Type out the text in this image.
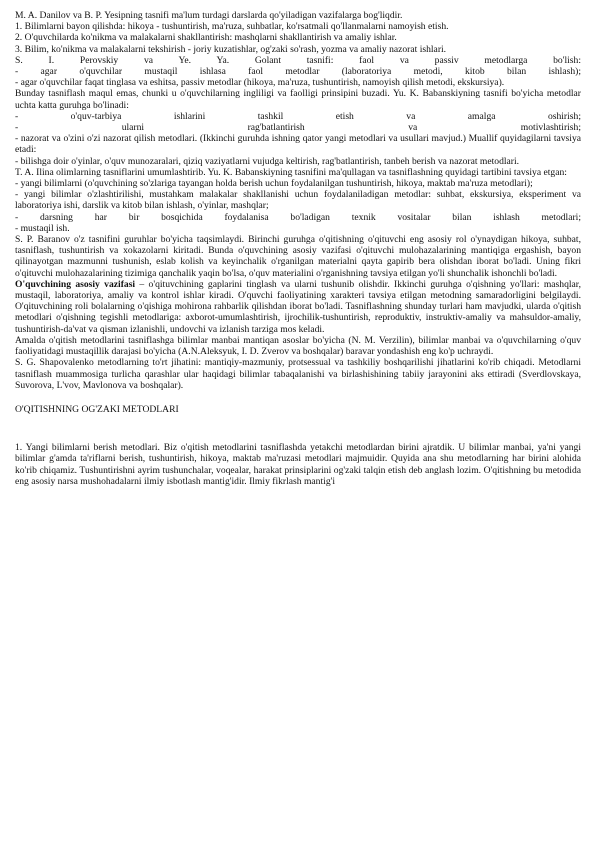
M. A. Danilov va B. P. Yesipning tasnifi ma'lum turdagi darslarda qo'yiladigan vazifalarga bog'liqdir.

1. Bilimlarni bayon qilishda: hikoya - tushuntirish, ma'ruza, suhbatlar, ko'rsatmali qo'llanmalarni namoyish etish.

2. O'quvchilarda ko'nikma va malakalarni shakllantirish: mashqlarni shakllantirish va amaliy ishlar.

3. Bilim, ko'nikma va malakalarni tekshirish - joriy kuzatishlar, og'zaki so'rash, yozma va amaliy nazorat ishlari.

S. I. Perovskiy va Ye. Ya. Golant tasnifi: faol va passiv metodlarga bo'lish:

- agar o'quvchilar mustaqil ishlasa faol metodlar (laboratoriya metodi, kitob bilan ishlash);

- agar o'quvchilar faqat tinglasa va eshitsa, passiv metodlar (hikoya, ma'ruza, tushuntirish, namoyish qilish metodi, ekskursiya).

Bunday tasniflash maqul emas, chunki u o'quvchilarning ingliligi va faolligi prinsipini buzadi. Yu. K. Babanskiyning tasnifi bo'yicha metodlar uchta katta guruhga bo'linadi:

- o'quv-tarbiya ishlarini tashkil etish va amalga oshirish;

- ularni rag'batlantirish va motivlashtirish;

- nazorat va o'zini o'zi nazorat qilish metodlari. (Ikkinchi guruhda ishning qator yangi metodlari va usullari mavjud.) Muallif quyidagilarni tavsiya etadi:

- bilishga doir o'yinlar, o'quv munozaralari, qiziq vaziyatlarni vujudga keltirish, rag'batlantirish, tanbeh berish va nazorat metodlari.

T. A. Ilina olimlarning tasniflarini umumlashtirib. Yu. K. Babanskiyning tasnifini ma'qullagan va tasniflashning quyidagi tartibini tavsiya etgan:

- yangi bilimlarni (o'quvchining so'zlariga tayangan holda berish uchun foydalanilgan tushuntirish, hikoya, maktab ma'ruza metodlari);

- yangi bilimlar o'zlashtirilishi, mustahkam malakalar shakllanishi uchun foydalaniladigan metodlar: suhbat, ekskursiya, eksperiment va laboratoriya ishi, darslik va kitob bilan ishlash, o'yinlar, mashqlar;

- darsning har bir bosqichida foydalanisa bo'ladigan texnik vositalar bilan ishlash metodlari;

- mustaqil ish.

S. P. Baranov o'z tasnifini guruhlar bo'yicha taqsimlaydi. Birinchi guruhga o'qitishning o'qituvchi eng asosiy rol o'ynaydigan hikoya, suhbat, tasniflash, tushuntirish va xokazolarni kiritadi. Bunda o'quvchining asosiy vazifasi o'qituvchi mulohazalarining mantiqiga ergashish, bayon qilinayotgan mazmunni tushunish, eslab kolish va keyinchalik o'rganilgan materialni qayta gapirib bera olishdan iborat bo'ladi. Uning fikri o'qituvchi mulohazalarining tizimiga qanchalik yaqin bo'lsa, o'quv materialini o'rganishning tavsiya etilgan yo'li shunchalik ishonchli bo'ladi.

O'quvchining asosiy vazifasi – o'qituvchining gaplarini tinglash va ularni tushunib olishdir. Ikkinchi guruhga o'qishning yo'llari: mashqlar, mustaqil, laboratoriya, amaliy va kontrol ishlar kiradi. O'quvchi faoliyatining xarakteri tavsiya etilgan metodning samaradorligini belgilaydi. O'qituvchining roli bolalarning o'qishiga mohirona rahbarlik qilishdan iborat bo'ladi. Tasniflashning shunday turlari ham mavjudki, ularda o'qitish metodlari o'qishning tegishli metodlariga: axborot-umumlashtirish, ijrochilik-tushuntirish, reproduktiv, instruktiv-amaliy va mahsuldor-amaliy, tushuntirish-da'vat va qisman izlanishli, undovchi va izlanish tarziga mos keladi.

Amalda o'qitish metodlarini tasniflashga bilimlar manbai mantiqan asoslar bo'yicha (N. M. Verzilin), bilimlar manbai va o'quvchilarning o'quv faoliyatidagi mustaqillik darajasi bo'yicha (A.N.Aleksyuk, I. D. Zverov va boshqalar) baravar yondashish eng ko'p uchraydi.

S. G. Shapovalenko metodlarning to'rt jihatini: mantiqiy-mazmuniy, protsessual va tashkiliy boshqarilishi jihatlarini ko'rib chiqadi. Metodlarni tasniflash muammosiga turlicha qarashlar ular haqidagi bilimlar tabaqalanishi va birlashishining tabiiy jarayonini aks ettiradi (Sverdlovskaya, Suvorova, L'vov, Mavlonova va boshqalar).

O'QITISHNING OG'ZAKI METODLARI

1. Yangi bilimlarni berish metodlari. Biz o'qitish metodlarini tasniflashda yetakchi metodlardan birini ajratdik. U bilimlar manbai, ya'ni yangi bilimlar g'amda ta'riflarni berish, tushuntirish, hikoya, maktab ma'ruzasi metodlari majmuidir. Quyida ana shu metodlarning har birini alohida ko'rib chiqamiz. Tushuntirishni ayrim tushunchalar, voqealar, harakat prinsiplarini og'zaki talqin etish deb anglash lozim. O'qitishning bu metodida eng asosiy narsa mushohadalarni ilmiy isbotlash mantig'idir. Ilmiy fikrlash mantig'i
